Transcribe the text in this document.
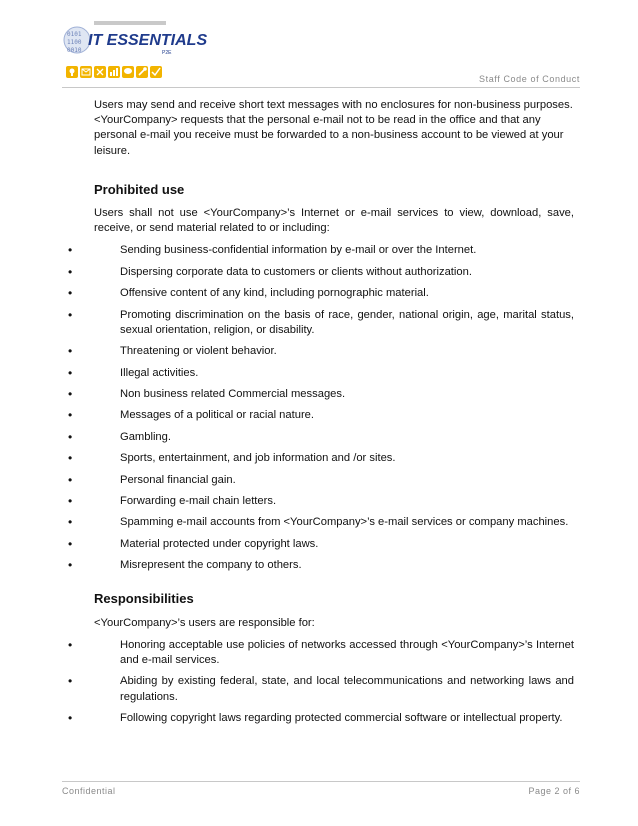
0101
1100
0010
IT ESSENTIALS
P2E
Staff Code of Conduct

Users may send and receive short text messages with no enclosures for non-business purposes. <YourCompany> requests that the personal e-mail not to be read in the office and that any personal e-mail you receive must be forwarded to a non-business account to be viewed at your leisure.

Prohibited use

Users shall not use <YourCompany>’s Internet or e-mail services to view, download, save, receive, or send material related to or including:

• Sending business-confidential information by e-mail or over the Internet.
• Dispersing corporate data to customers or clients without authorization.
• Offensive content of any kind, including pornographic material.
• Promoting discrimination on the basis of race, gender, national origin, age, marital status, sexual orientation, religion, or disability.
• Threatening or violent behavior.
• Illegal activities.
• Non business related Commercial messages.
• Messages of a political or racial nature.
• Gambling.
• Sports, entertainment, and job information and /or sites.
• Personal financial gain.
• Forwarding e-mail chain letters.
• Spamming e-mail accounts from <YourCompany>’s e-mail services or company machines.
• Material protected under copyright laws.
• Misrepresent the company to others.
Responsibilities

<YourCompany>’s users are responsible for:

• Honoring acceptable use policies of networks accessed through <YourCompany>’s Internet and e-mail services.
• Abiding by existing federal, state, and local telecommunications and networking laws and regulations.
• Following copyright laws regarding protected commercial software or intellectual property.
Confidential	Page 2 of 6
